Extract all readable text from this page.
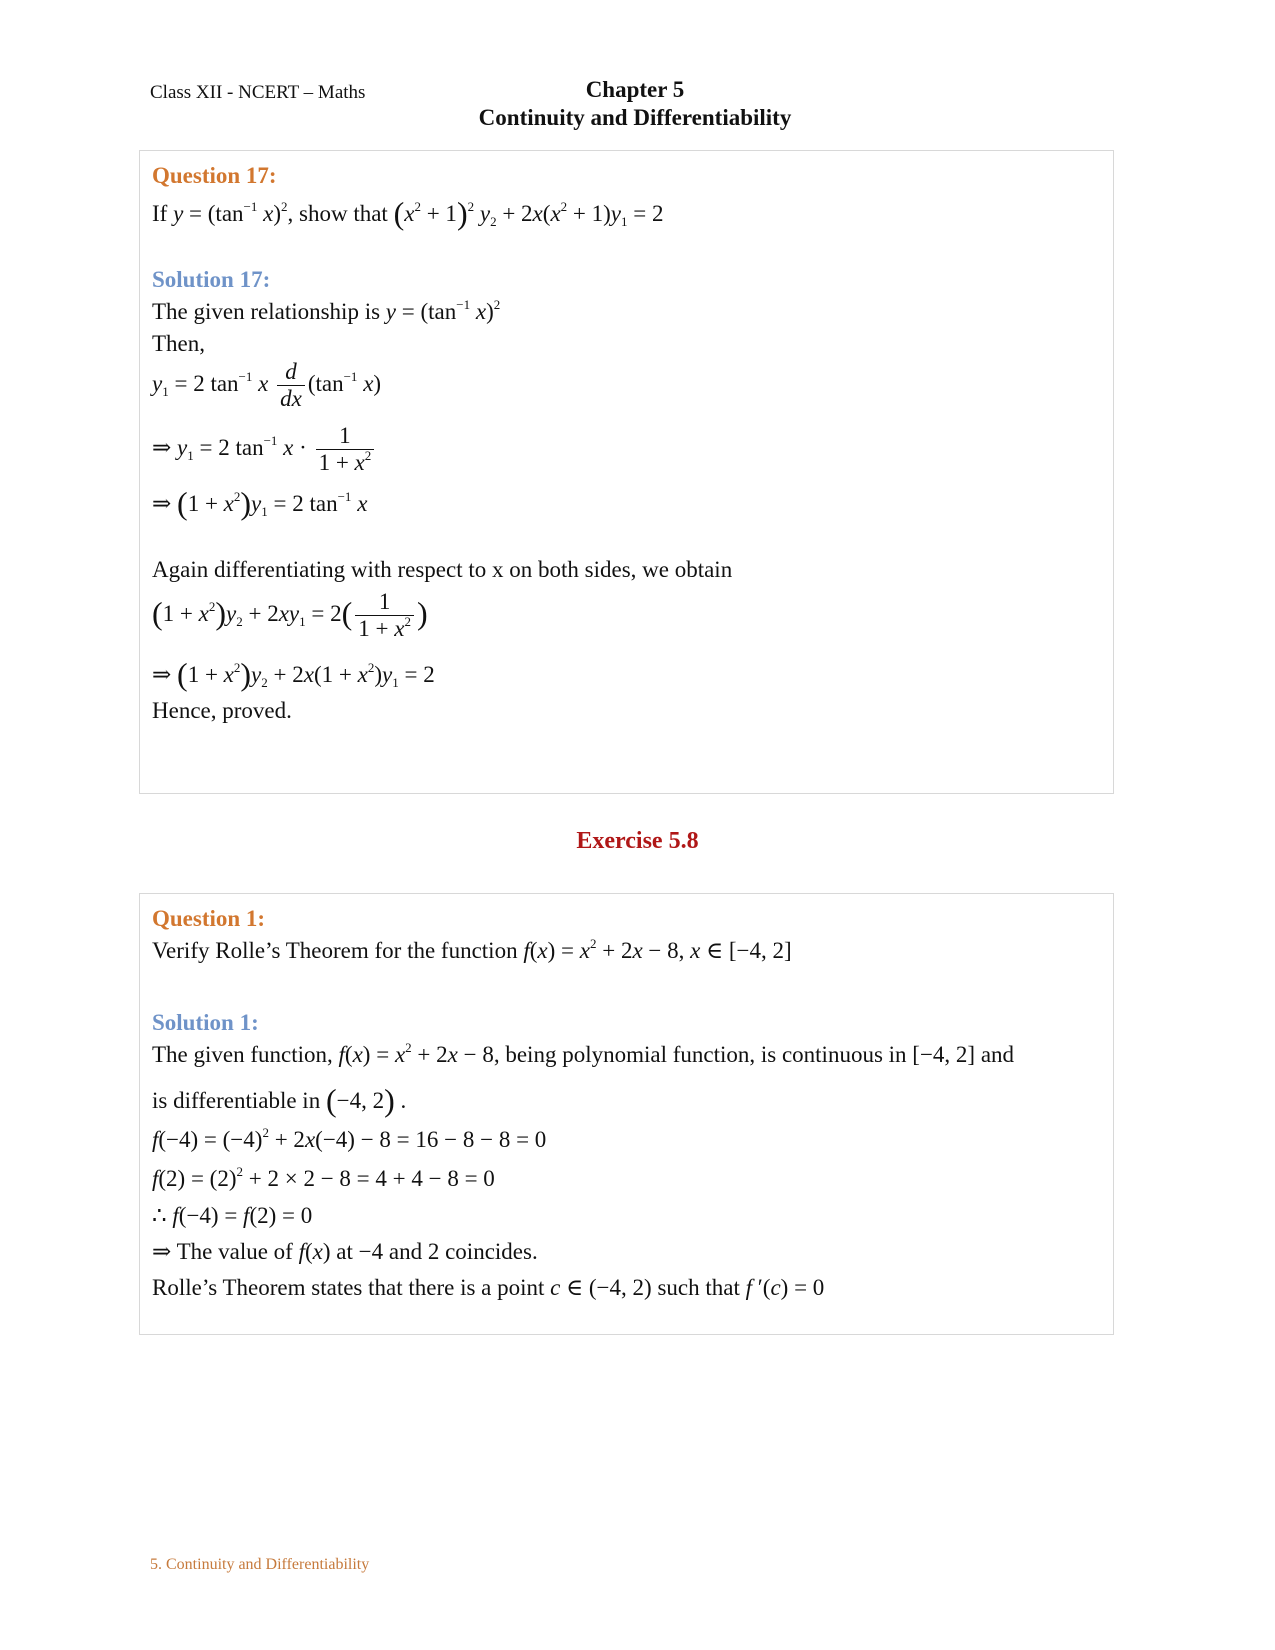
Class XII - NCERT – Maths	Chapter 5
Continuity and Differentiability
Question 17:
If $y = (\tan^{-1}$ x)$^2$, show that $(x^2 + 1)^2$ $y_2 + 2x(x^2 + 1)y_1 = 2$
Solution 17:
The given relationship is $y = (\tan^{-1}$ x)$^2$
Then,
$y_1 = 2$ $\tan^{-1} x \frac{d}{dx} (\tan^{-1}$ x)
⇒ $y_1 = 2$ $\tan^{-1} x \cdot \frac{1}{1 + x^2}$
⇒ $(1 + x^2)y_1 = 2$ $\tan^{-1} x$
Again differentiating with respect to x on both sides, we obtain
$(1 + x^2)y_2 + 2xy_1 = 2( \frac{1}{1 + x^2}$ )
⇒ $(1 + x^2)y_2 + 2x(1 + x^2)y_1 = 2$
Hence, proved.
Exercise 5.8
Question 1:
Verify Rolle’s Theorem for the function $f(x) = x^2 + 2x - 8$, x ∈ [−4, 2]
Solution 1:
The given function, $f(x) = x^2 + 2x - 8$, being polynomial function, is continuous in [−4, 2] and
is differentiable in (−4, 2) .
$f(-4) = (-4)^2 + 2x(-4) - 8 = 16 - 8 - 8 = 0$
$f(2) = (2)^2 + 2 \times 2 - 8 = 4 + 4 - 8 = 0$
∴ f(−4) = f(2) = 0
⇒ The value of f(x) at −4 and 2 coincides.
Rolle’s Theorem states that there is a point c ∈ (−4, 2) such that f ′(c) = 0
5. Continuity and Differentiability
